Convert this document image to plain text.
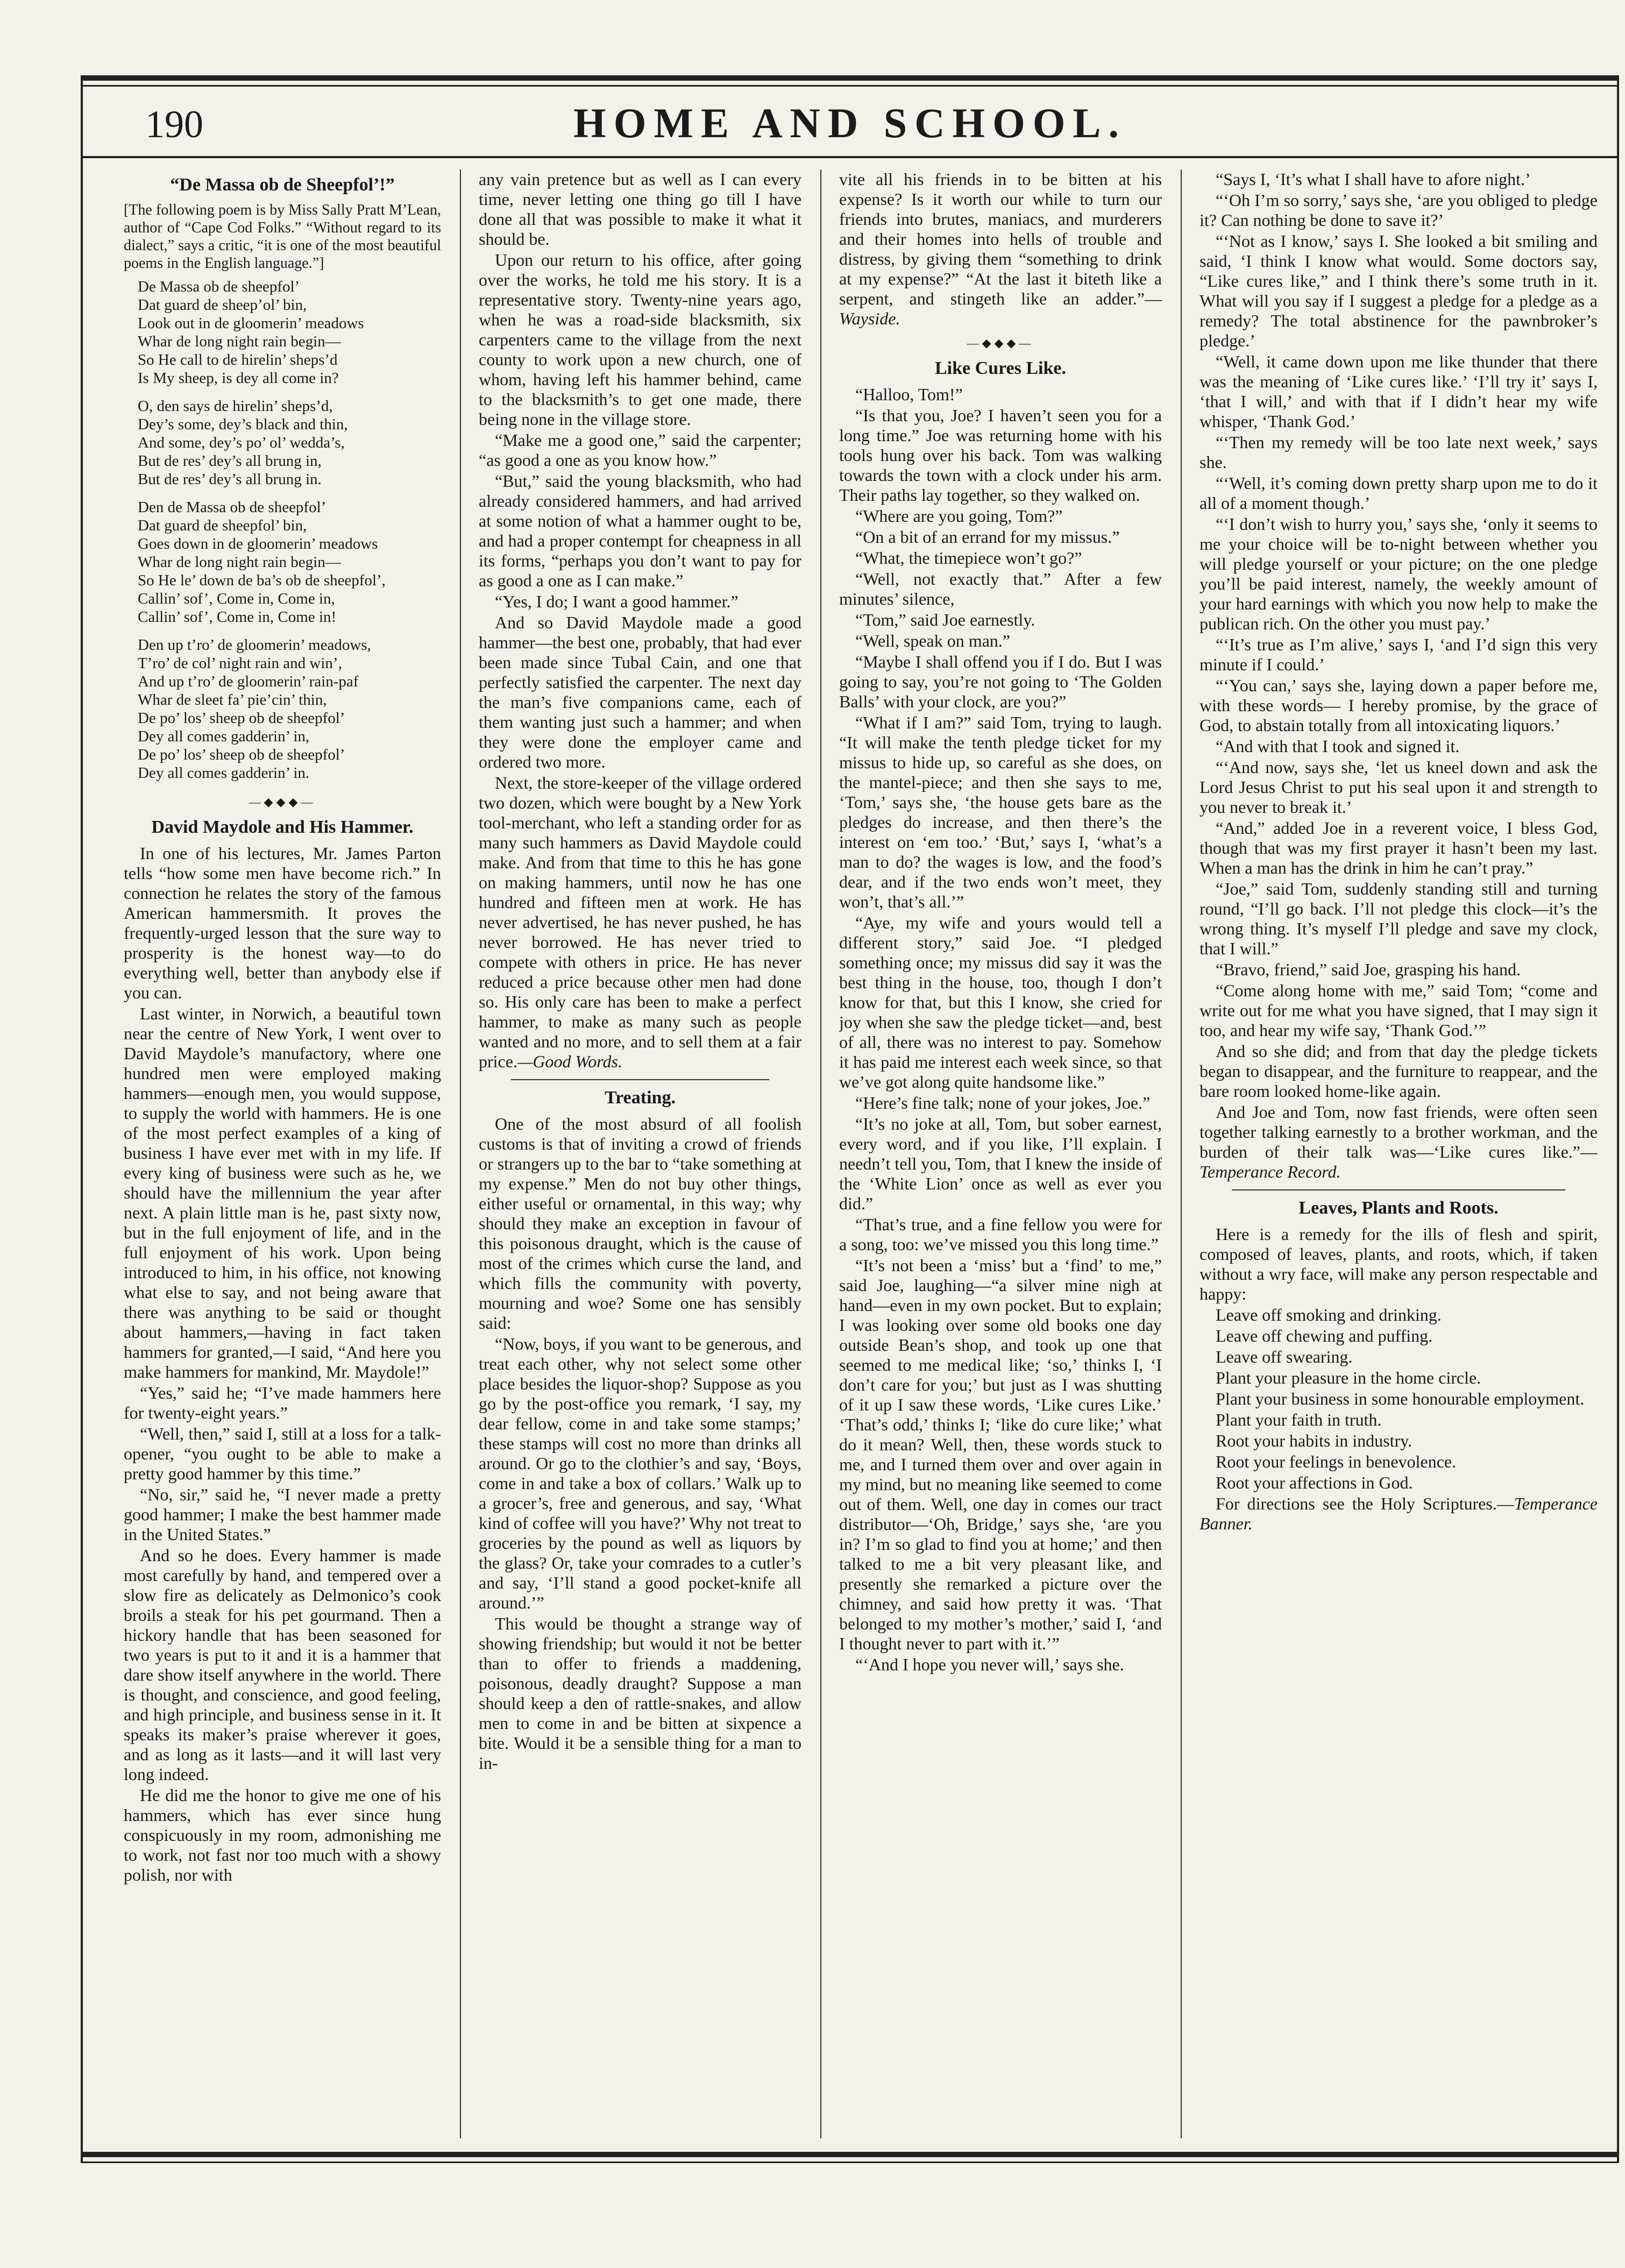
190	HOME AND SCHOOL.
“De Massa ob de Sheepfol’!”
[The following poem is by Miss Sally Pratt M’Lean, author of “Cape Cod Folks.” “Without regard to its dialect,” says a critic, “it is one of the most beautiful poems in the English language.”]
De Massa ob de sheepfol’
Dat guard de sheep’ol’ bin,
Look out in de gloomerin’ meadows
Whar de long night rain begin—
So He call to de hirelin’ sheps’d
Is My sheep, is dey all come in?
O, den says de hirelin’ sheps’d,
Dey’s some, dey’s black and thin,
And some, dey’s po’ ol’ wedda’s,
But de res’ dey’s all brung in,
But de res’ dey’s all brung in.
Den de Massa ob de sheepfol’
Dat guard de sheepfol’ bin,
Goes down in de gloomerin’ meadows
Whar de long night rain begin—
So He le’ down de ba’s ob de sheepfol’,
Callin’ sof’, Come in, Come in,
Callin’ sof’, Come in, Come in!
Den up t’ro’ de gloomerin’ meadows,
T’ro’ de col’ night rain and win’,
And up t’ro’ de gloomerin’ rain-paf
Whar de sleet fa’ pie’cin’ thin,
De po’ los’ sheep ob de sheepfol’
Dey all comes gadderin’ in,
De po’ los’ sheep ob de sheepfol’
Dey all comes gadderin’ in.
—◆◆◆—
David Maydole and His Hammer.

In one of his lectures, Mr. James Parton tells “how some men have become rich.” In connection he relates the story of the famous American hammersmith. It proves the frequently-urged lesson that the sure way to prosperity is the honest way—to do everything well, better than anybody else if you can.

Last winter, in Norwich, a beautiful town near the centre of New York, I went over to David Maydole’s manufactory, where one hundred men were employed making hammers—enough men, you would suppose, to supply the world with hammers. He is one of the most perfect examples of a king of business I have ever met with in my life. If every king of business were such as he, we should have the millennium the year after next. A plain little man is he, past sixty now, but in the full enjoyment of life, and in the full enjoyment of his work. Upon being introduced to him, in his office, not knowing what else to say, and not being aware that there was anything to be said or thought about hammers,—having in fact taken hammers for granted,—I said, “And here you make hammers for mankind, Mr. Maydole!”

“Yes,” said he; “I’ve made hammers here for twenty-eight years.”

“Well, then,” said I, still at a loss for a talk-opener, “you ought to be able to make a pretty good hammer by this time.”

“No, sir,” said he, “I never made a pretty good hammer; I make the best hammer made in the United States.”

And so he does. Every hammer is made most carefully by hand, and tempered over a slow fire as delicately as Delmonico’s cook broils a steak for his pet gourmand. Then a hickory handle that has been seasoned for two years is put to it and it is a hammer that dare show itself anywhere in the world. There is thought, and conscience, and good feeling, and high principle, and business sense in it. It speaks its maker’s praise wherever it goes, and as long as it lasts—and it will last very long indeed.

He did me the honor to give me one of his hammers, which has ever since hung conspicuously in my room, admonishing me to work, not fast nor too much with a showy polish, nor with

any vain pretence but as well as I can every time, never letting one thing go till I have done all that was possible to make it what it should be.

Upon our return to his office, after going over the works, he told me his story. It is a representative story. Twenty-nine years ago, when he was a road-side blacksmith, six carpenters came to the village from the next county to work upon a new church, one of whom, having left his hammer behind, came to the blacksmith’s to get one made, there being none in the village store.

“Make me a good one,” said the carpenter; “as good a one as you know how.”

“But,” said the young blacksmith, who had already considered hammers, and had arrived at some notion of what a hammer ought to be, and had a proper contempt for cheapness in all its forms, “perhaps you don’t want to pay for as good a one as I can make.”

“Yes, I do; I want a good hammer.”

And so David Maydole made a good hammer—the best one, probably, that had ever been made since Tubal Cain, and one that perfectly satisfied the carpenter. The next day the man’s five companions came, each of them wanting just such a hammer; and when they were done the employer came and ordered two more.

Next, the store-keeper of the village ordered two dozen, which were bought by a New York tool-merchant, who left a standing order for as many such hammers as David Maydole could make. And from that time to this he has gone on making hammers, until now he has one hundred and fifteen men at work. He has never advertised, he has never pushed, he has never borrowed. He has never tried to compete with others in price. He has never reduced a price because other men had done so. His only care has been to make a perfect hammer, to make as many such as people wanted and no more, and to sell them at a fair price.—Good Words.

Treating.

One of the most absurd of all foolish customs is that of inviting a crowd of friends or strangers up to the bar to “take something at my expense.” Men do not buy other things, either useful or ornamental, in this way; why should they make an exception in favour of this poisonous draught, which is the cause of most of the crimes which curse the land, and which fills the community with poverty, mourning and woe? Some one has sensibly said:

“Now, boys, if you want to be generous, and treat each other, why not select some other place besides the liquor-shop? Suppose as you go by the post-office you remark, ‘I say, my dear fellow, come in and take some stamps;’ these stamps will cost no more than drinks all around. Or go to the clothier’s and say, ‘Boys, come in and take a box of collars.’ Walk up to a grocer’s, free and generous, and say, ‘What kind of coffee will you have?’ Why not treat to groceries by the pound as well as liquors by the glass? Or, take your comrades to a cutler’s and say, ‘I’ll stand a good pocket-knife all around.’”

This would be thought a strange way of showing friendship; but would it not be better than to offer to friends a maddening, poisonous, deadly draught? Suppose a man should keep a den of rattle-snakes, and allow men to come in and be bitten at sixpence a bite. Would it be a sensible thing for a man to in-

vite all his friends in to be bitten at his expense? Is it worth our while to turn our friends into brutes, maniacs, and murderers and their homes into hells of trouble and distress, by giving them “something to drink at my expense?” “At the last it biteth like a serpent, and stingeth like an adder.”—Wayside.

—◆◆◆—
Like Cures Like.

“Halloo, Tom!”

“Is that you, Joe? I haven’t seen you for a long time.” Joe was returning home with his tools hung over his back. Tom was walking towards the town with a clock under his arm. Their paths lay together, so they walked on.

“Where are you going, Tom?”

“On a bit of an errand for my missus.”

“What, the timepiece won’t go?”

“Well, not exactly that.” After a few minutes’ silence,

“Tom,” said Joe earnestly.

“Well, speak on man.”

“Maybe I shall offend you if I do. But I was going to say, you’re not going to ‘The Golden Balls’ with your clock, are you?”

“What if I am?” said Tom, trying to laugh. “It will make the tenth pledge ticket for my missus to hide up, so careful as she does, on the mantel-piece; and then she says to me, ‘Tom,’ says she, ‘the house gets bare as the pledges do increase, and then there’s the interest on ‘em too.’ ‘But,’ says I, ‘what’s a man to do? the wages is low, and the food’s dear, and if the two ends won’t meet, they won’t, that’s all.’”

“Aye, my wife and yours would tell a different story,” said Joe. “I pledged something once; my missus did say it was the best thing in the house, too, though I don’t know for that, but this I know, she cried for joy when she saw the pledge ticket—and, best of all, there was no interest to pay. Somehow it has paid me interest each week since, so that we’ve got along quite handsome like.”

“Here’s fine talk; none of your jokes, Joe.”

“It’s no joke at all, Tom, but sober earnest, every word, and if you like, I’ll explain. I needn’t tell you, Tom, that I knew the inside of the ‘White Lion’ once as well as ever you did.”

“That’s true, and a fine fellow you were for a song, too: we’ve missed you this long time.”

“It’s not been a ‘miss’ but a ‘find’ to me,” said Joe, laughing—“a silver mine nigh at hand—even in my own pocket. But to explain; I was looking over some old books one day outside Bean’s shop, and took up one that seemed to me medical like; ‘so,’ thinks I, ‘I don’t care for you;’ but just as I was shutting of it up I saw these words, ‘Like cures Like.’ ‘That’s odd,’ thinks I; ‘like do cure like;’ what do it mean? Well, then, these words stuck to me, and I turned them over and over again in my mind, but no meaning like seemed to come out of them. Well, one day in comes our tract distributor—‘Oh, Bridge,’ says she, ‘are you in? I’m so glad to find you at home;’ and then talked to me a bit very pleasant like, and presently she remarked a picture over the chimney, and said how pretty it was. ‘That belonged to my mother’s mother,’ said I, ‘and I thought never to part with it.’”

“‘And I hope you never will,’ says she.

“Says I, ‘It’s what I shall have to afore night.’

“‘Oh I’m so sorry,’ says she, ‘are you obliged to pledge it? Can nothing be done to save it?’

“‘Not as I know,’ says I. She looked a bit smiling and said, ‘I think I know what would. Some doctors say, “Like cures like,” and I think there’s some truth in it. What will you say if I suggest a pledge for a pledge as a remedy? The total abstinence for the pawnbroker’s pledge.’

“Well, it came down upon me like thunder that there was the meaning of ‘Like cures like.’ ‘I’ll try it’ says I, ‘that I will,’ and with that if I didn’t hear my wife whisper, ‘Thank God.’

“‘Then my remedy will be too late next week,’ says she.

“‘Well, it’s coming down pretty sharp upon me to do it all of a moment though.’

“‘I don’t wish to hurry you,’ says she, ‘only it seems to me your choice will be to-night between whether you will pledge yourself or your picture; on the one pledge you’ll be paid interest, namely, the weekly amount of your hard earnings with which you now help to make the publican rich. On the other you must pay.’

“‘It’s true as I’m alive,’ says I, ‘and I’d sign this very minute if I could.’

“‘You can,’ says she, laying down a paper before me, with these words— I hereby promise, by the grace of God, to abstain totally from all intoxicating liquors.’

“And with that I took and signed it.

“‘And now, says she, ‘let us kneel down and ask the Lord Jesus Christ to put his seal upon it and strength to you never to break it.’

“And,” added Joe in a reverent voice, I bless God, though that was my first prayer it hasn’t been my last. When a man has the drink in him he can’t pray.”

“Joe,” said Tom, suddenly standing still and turning round, “I’ll go back. I’ll not pledge this clock—it’s the wrong thing. It’s myself I’ll pledge and save my clock, that I will.”

“Bravo, friend,” said Joe, grasping his hand.

“Come along home with me,” said Tom; “come and write out for me what you have signed, that I may sign it too, and hear my wife say, ‘Thank God.’”

And so she did; and from that day the pledge tickets began to disappear, and the furniture to reappear, and the bare room looked home-like again.

And Joe and Tom, now fast friends, were often seen together talking earnestly to a brother workman, and the burden of their talk was—‘Like cures like.”—Temperance Record.

Leaves, Plants and Roots.

Here is a remedy for the ills of flesh and spirit, composed of leaves, plants, and roots, which, if taken without a wry face, will make any person respectable and happy:

Leave off smoking and drinking.

Leave off chewing and puffing.

Leave off swearing.

Plant your pleasure in the home circle.

Plant your business in some honourable employment.

Plant your faith in truth.

Root your habits in industry.

Root your feelings in benevolence.

Root your affections in God.

For directions see the Holy Scriptures.—Temperance Banner.
